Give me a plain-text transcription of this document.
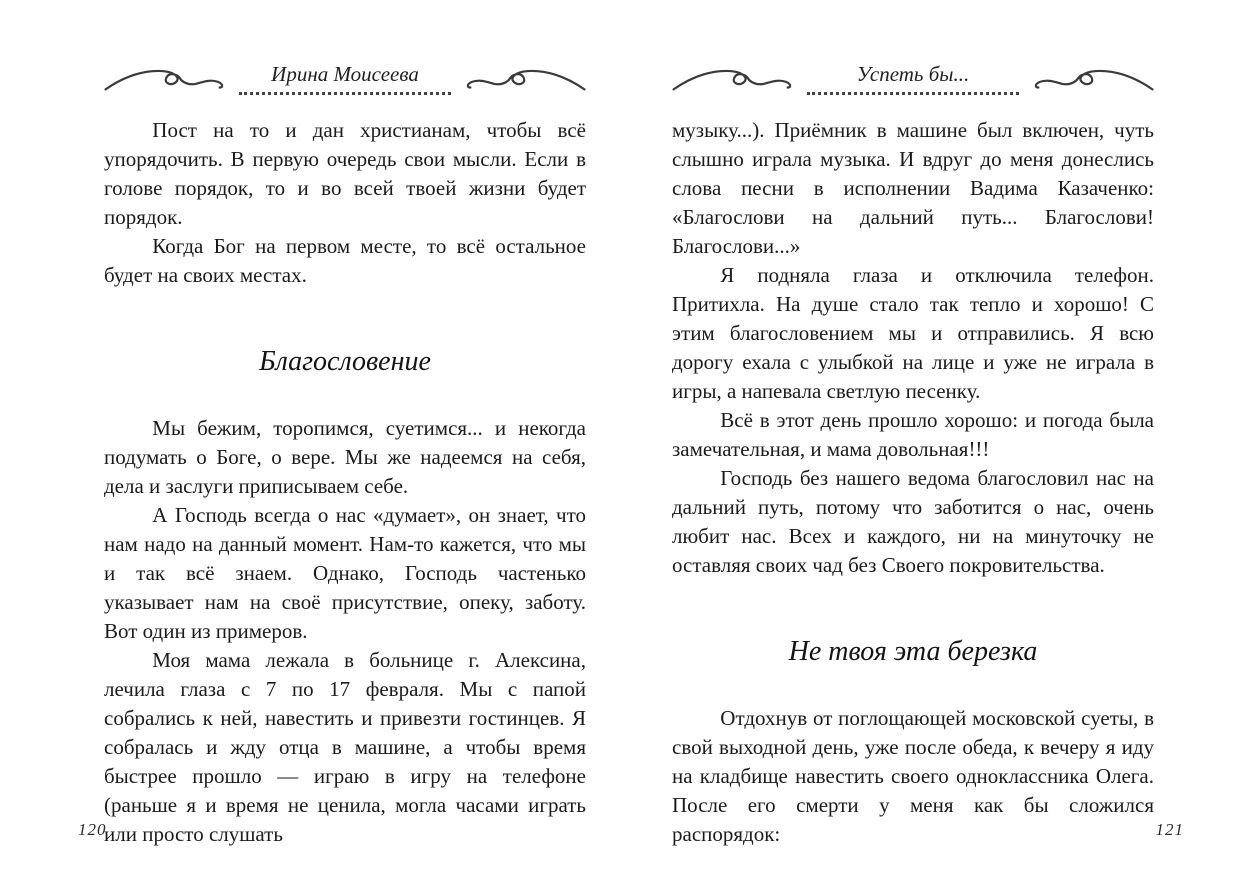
Ирина Моисеева
Пост на то и дан христианам, чтобы всё упорядочить. В первую очередь свои мысли. Если в голове порядок, то и во всей твоей жизни будет порядок.
Когда Бог на первом месте, то всё остальное будет на своих местах.
Благословение
Мы бежим, торопимся, суетимся... и некогда подумать о Боге, о вере. Мы же надеемся на себя, дела и заслуги приписываем себе.
А Господь всегда о нас «думает», он знает, что нам надо на данный момент. Нам-то кажется, что мы и так всё знаем. Однако, Господь частенько указывает нам на своё присутствие, опеку, заботу. Вот один из примеров.
Моя мама лежала в больнице г. Алексина, лечила глаза с 7 по 17 февраля. Мы с папой собрались к ней, навестить и привезти гостинцев. Я собралась и жду отца в машине, а чтобы время быстрее прошло — играю в игру на телефоне (раньше я и время не ценила, могла часами играть или просто слушать
120
Успеть бы...
музыку...). Приёмник в машине был включен, чуть слышно играла музыка. И вдруг до меня донеслись слова песни в исполнении Вадима Казаченко: «Благослови на дальний путь... Благослови! Благослови...»
Я подняла глаза и отключила телефон. Притихла. На душе стало так тепло и хорошо! С этим благословением мы и отправились. Я всю дорогу ехала с улыбкой на лице и уже не играла в игры, а напевала светлую песенку.
Всё в этот день прошло хорошо: и погода была замечательная, и мама довольная!!!
Господь без нашего ведома благословил нас на дальний путь, потому что заботится о нас, очень любит нас. Всех и каждого, ни на минуточку не оставляя своих чад без Своего покровительства.
Не твоя эта березка
Отдохнув от поглощающей московской суеты, в свой выходной день, уже после обеда, к вечеру я иду на кладбище навестить своего одноклассника Олега. После его смерти у меня как бы сложился распорядок:	121
